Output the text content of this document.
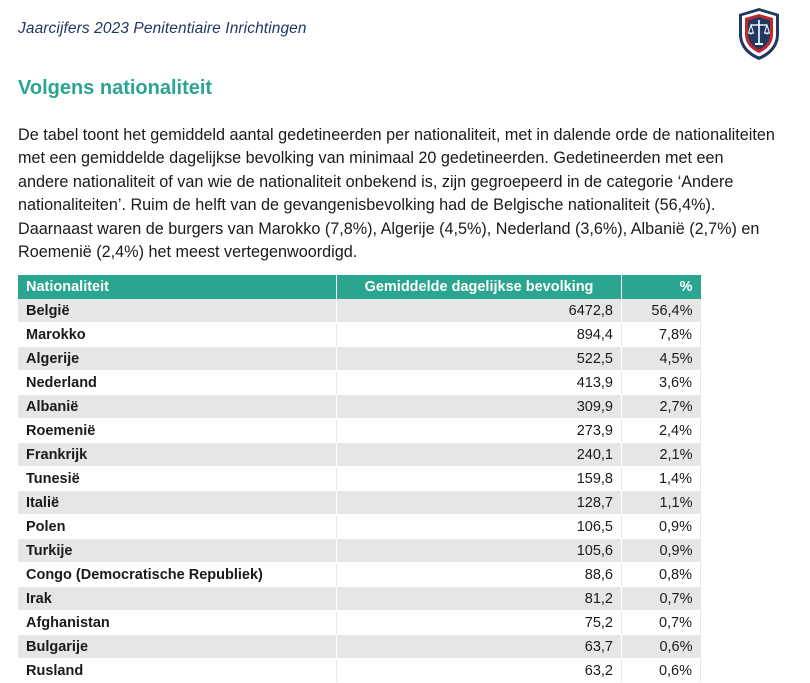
Jaarcijfers 2023 Penitentiaire Inrichtingen
Volgens nationaliteit

De tabel toont het gemiddeld aantal gedetineerden per nationaliteit, met in dalende orde de nationaliteiten met een gemiddelde dagelijkse bevolking van minimaal 20 gedetineerden. Gedetineerden met een andere nationaliteit of van wie de nationaliteit onbekend is, zijn gegroepeerd in de categorie ‘Andere nationaliteiten’. Ruim de helft van de gevangenisbevolking had de Belgische nationaliteit (56,4%). Daarnaast waren de burgers van Marokko (7,8%), Algerije (4,5%), Nederland (3,6%), Albanië (2,7%) en Roemenië (2,4%) het meest vertegenwoordigd.

Nationaliteit	Gemiddelde dagelijkse bevolking	%
België	6472,8	56,4%
Marokko	894,4	7,8%
Algerije	522,5	4,5%
Nederland	413,9	3,6%
Albanië	309,9	2,7%
Roemenië	273,9	2,4%
Frankrijk	240,1	2,1%
Tunesië	159,8	1,4%
Italië	128,7	1,1%
Polen	106,5	0,9%
Turkije	105,6	0,9%
Congo (Democratische Republiek)	88,6	0,8%
Irak	81,2	0,7%
Afghanistan	75,2	0,7%
Bulgarije	63,7	0,6%
Rusland	63,2	0,6%
